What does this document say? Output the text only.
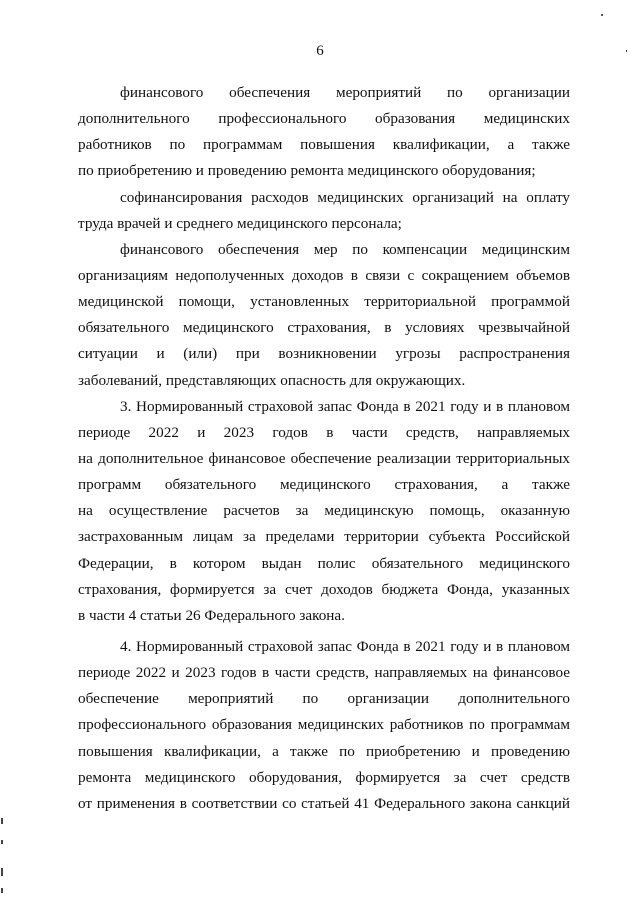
6
финансового обеспечения мероприятий по организации
дополнительного профессионального образования медицинских
работников по программам повышения квалификации, а также
по приобретению и проведению ремонта медицинского оборудования;
софинансирования расходов медицинских организаций на оплату
труда врачей и среднего медицинского персонала;
финансового обеспечения мер по компенсации медицинским
организациям недополученных доходов в связи с сокращением объемов
медицинской помощи, установленных территориальной программой
обязательного медицинского страхования, в условиях чрезвычайной
ситуации и (или) при возникновении угрозы распространения
заболеваний, представляющих опасность для окружающих.
3. Нормированный страховой запас Фонда в 2021 году и в плановом
периоде 2022 и 2023 годов в части средств, направляемых
на дополнительное финансовое обеспечение реализации территориальных
программ обязательного медицинского страхования, а также
на осуществление расчетов за медицинскую помощь, оказанную
застрахованным лицам за пределами территории субъекта Российской
Федерации, в котором выдан полис обязательного медицинского
страхования, формируется за счет доходов бюджета Фонда, указанных
в части 4 статьи 26 Федерального закона.
4. Нормированный страховой запас Фонда в 2021 году и в плановом
периоде 2022 и 2023 годов в части средств, направляемых на финансовое
обеспечение мероприятий по организации дополнительного
профессионального образования медицинских работников по программам
повышения квалификации, а также по приобретению и проведению
ремонта медицинского оборудования, формируется за счет средств
от применения в соответствии со статьей 41 Федерального закона санкций
